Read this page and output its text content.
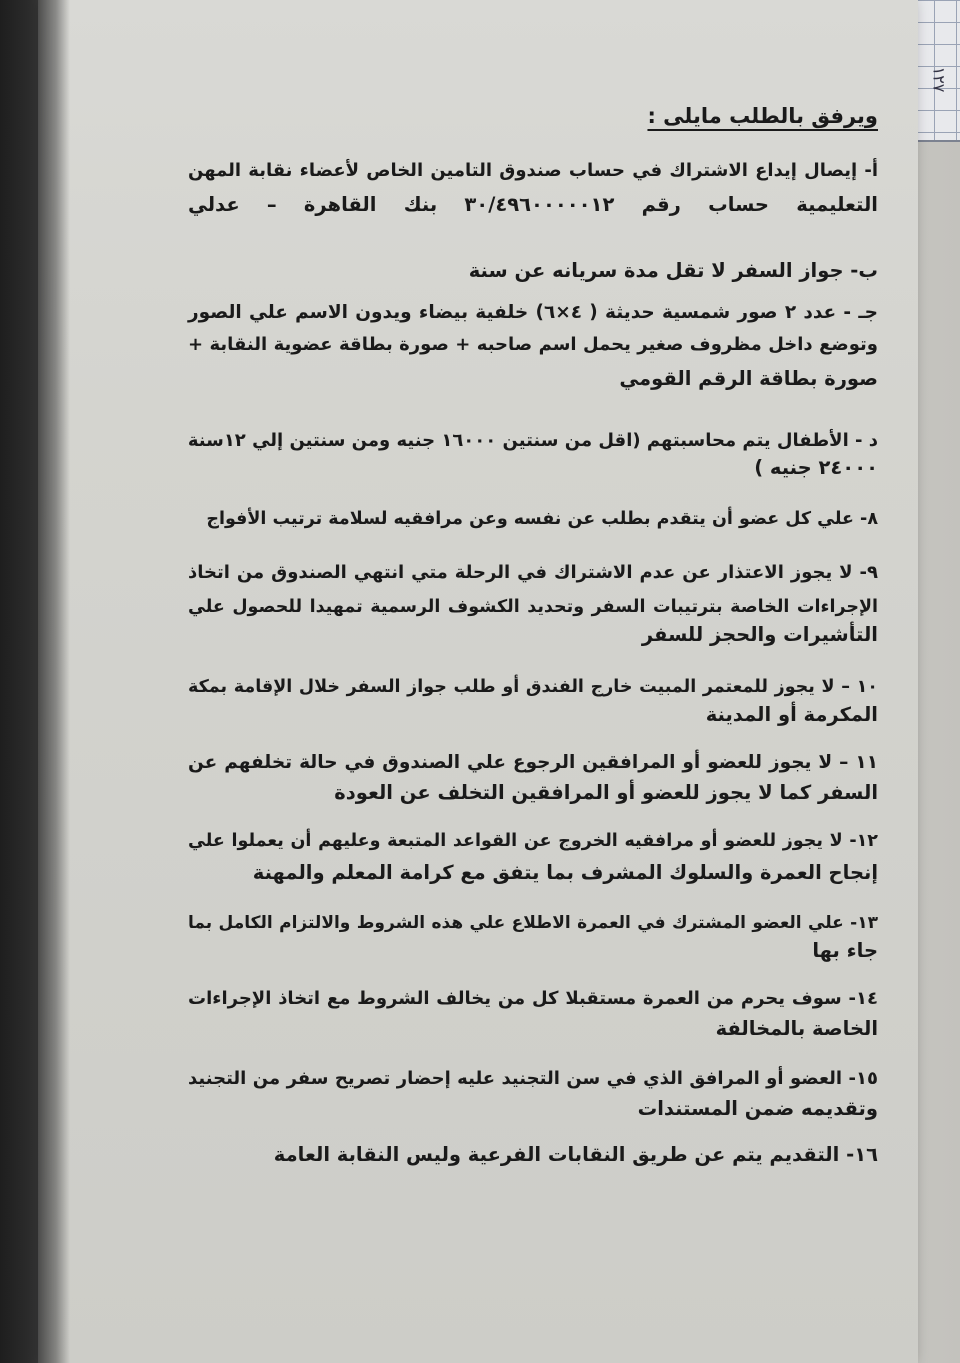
١٢٧
ويرفق بالطلب مايلى :
أ- إيصال إيداع الاشتراك في حساب صندوق التامين الخاص لأعضاء نقابة المهن
التعليمية حساب رقم ٣٠/٤٩٦٠٠٠٠٠١٢ بنك القاهرة – عدلي
ب- جواز السفر لا تقل مدة سريانه عن سنة
جـ - عدد ٢ صور شمسية حديثة ( ٤×٦) خلفية بيضاء ويدون الاسم علي الصور
وتوضع داخل مظروف صغير يحمل اسم صاحبه + صورة بطاقة عضوية النقابة +
صورة بطاقة الرقم القومي
د - الأطفال يتم محاسبتهم (اقل من سنتين ١٦٠٠٠ جنيه ومن سنتين إلي ١٢سنة
٢٤٠٠٠ جنيه )
٨- علي كل عضو أن يتقدم بطلب عن نفسه وعن مرافقيه لسلامة ترتيب الأفواج
٩- لا يجوز الاعتذار عن عدم الاشتراك في الرحلة متي انتهي الصندوق من اتخاذ
الإجراءات الخاصة بترتيبات السفر وتحديد الكشوف الرسمية تمهيدا للحصول علي
التأشيرات والحجز للسفر
١٠ – لا يجوز للمعتمر المبيت خارج الفندق أو طلب جواز السفر خلال الإقامة بمكة
المكرمة أو المدينة
١١ – لا يجوز للعضو أو المرافقين الرجوع علي الصندوق في حالة تخلفهم عن
السفر كما لا يجوز للعضو أو المرافقين التخلف عن العودة
١٢- لا يجوز للعضو أو مرافقيه الخروج عن القواعد المتبعة وعليهم أن يعملوا علي
إنجاح العمرة والسلوك المشرف بما يتفق مع كرامة المعلم والمهنة
١٣- علي العضو المشترك في العمرة الاطلاع علي هذه الشروط والالتزام الكامل بما
جاء بها
١٤- سوف يحرم من العمرة مستقبلا كل من يخالف الشروط مع اتخاذ الإجراءات
الخاصة بالمخالفة
١٥- العضو أو المرافق الذي في سن التجنيد عليه إحضار تصريح سفر من التجنيد
وتقديمه ضمن المستندات
١٦- التقديم يتم عن طريق النقابات الفرعية وليس النقابة العامة
